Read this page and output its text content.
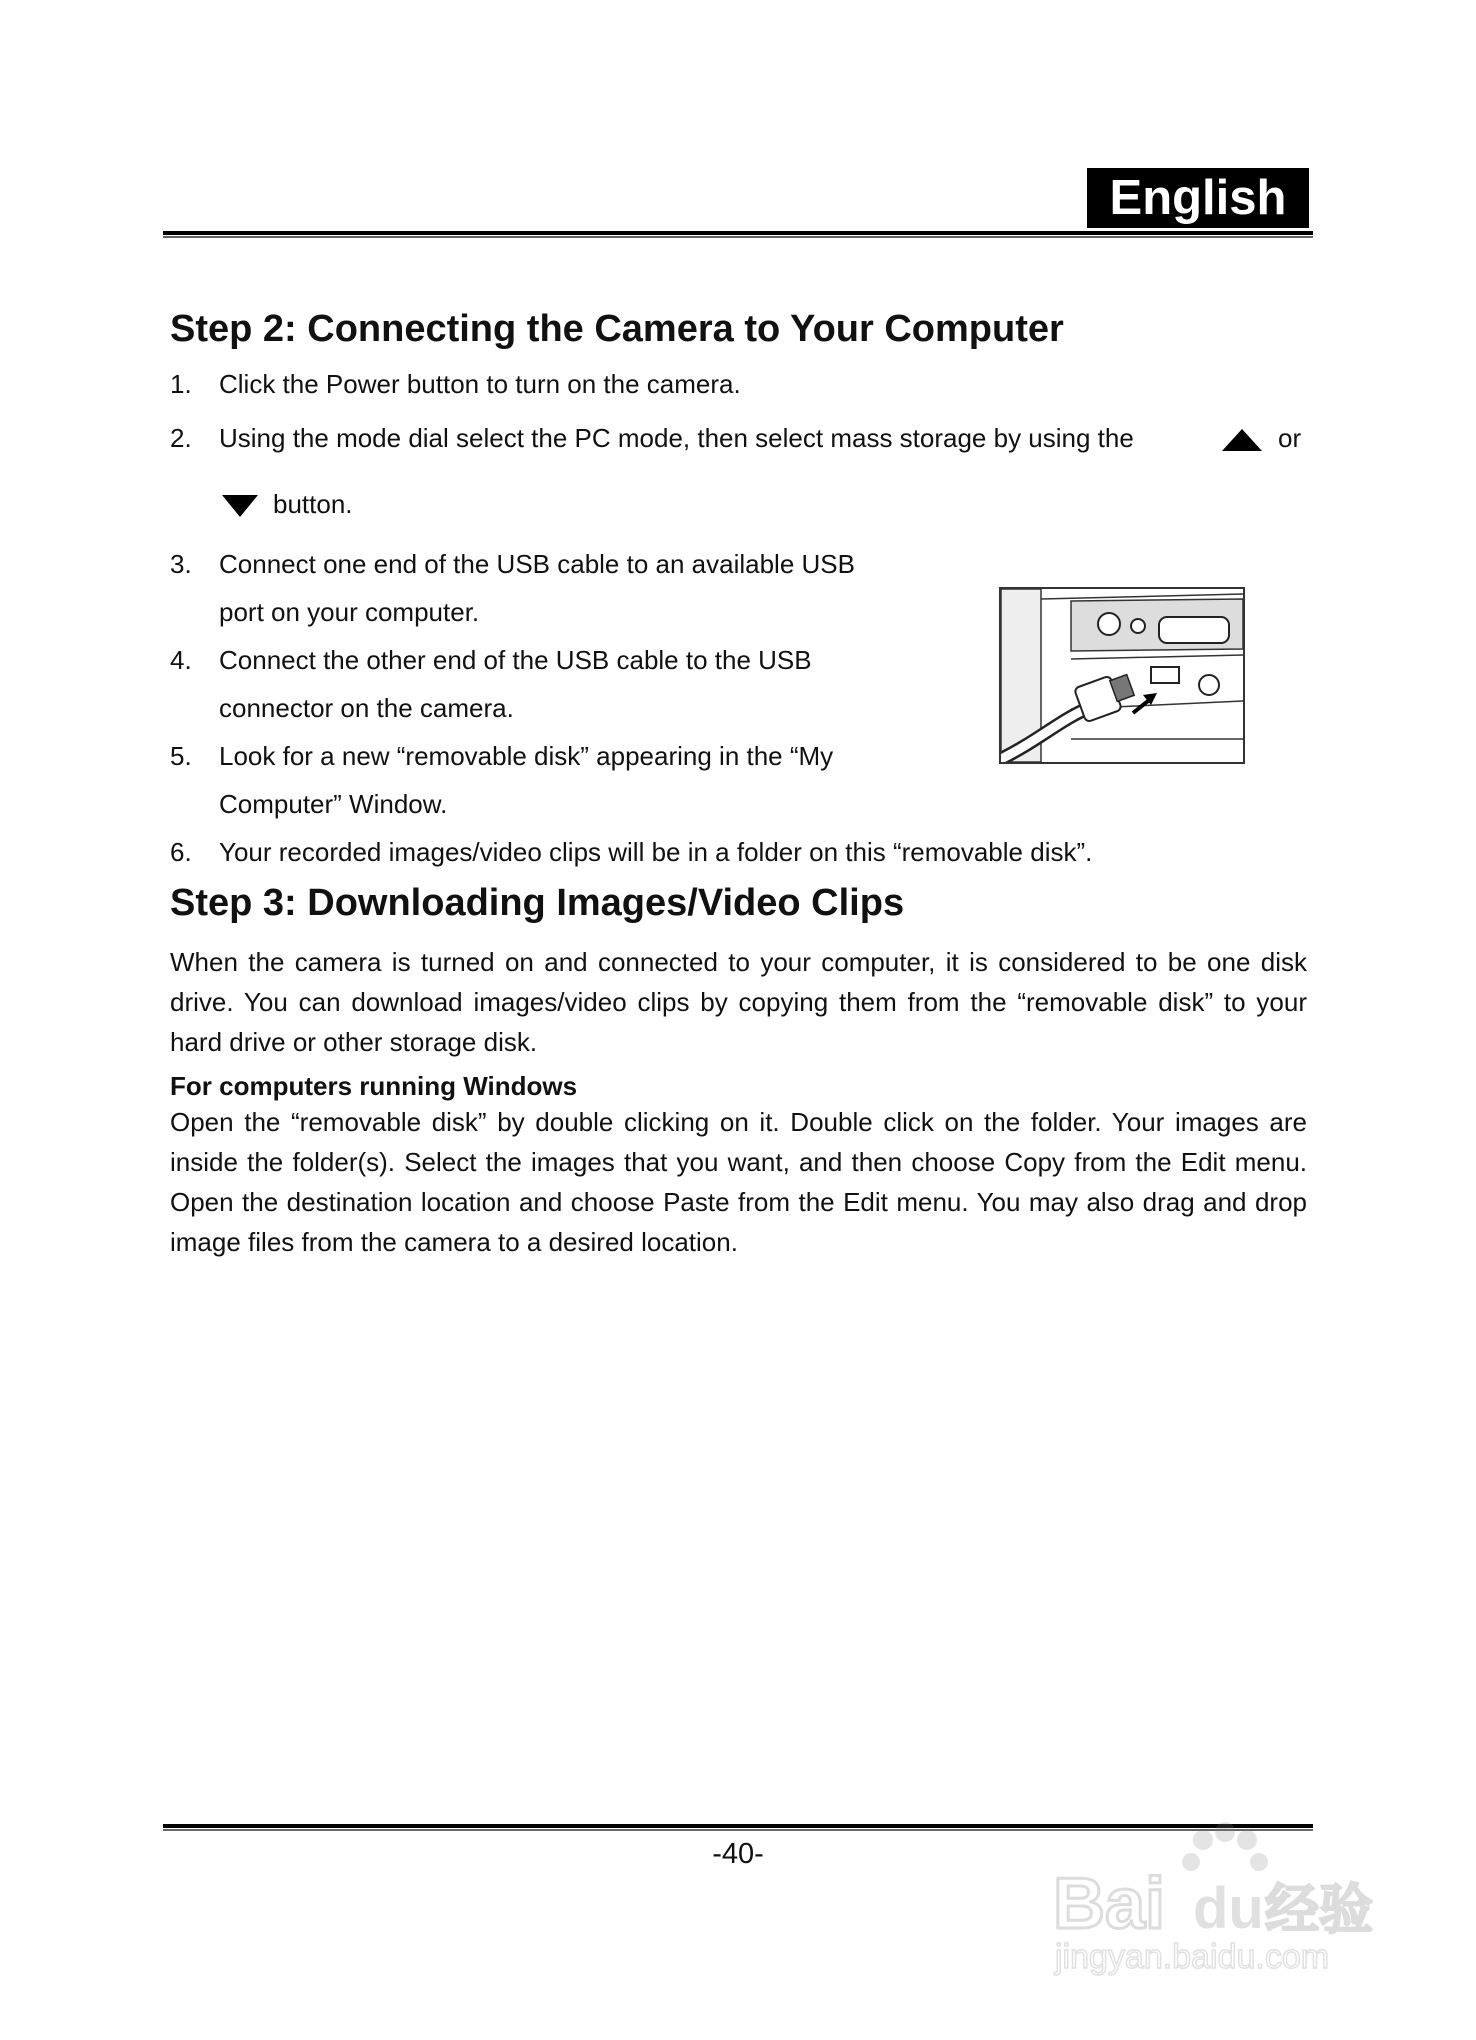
English
Step 2: Connecting the Camera to Your Computer
1. Click the Power button to turn on the camera.
2. Using the mode dial select the PC mode, then select mass storage by using the	or
button.
3. Connect one end of the USB cable to an available USB
port on your computer.
4. Connect the other end of the USB cable to the USB
connector on the camera.
5. Look for a new “removable disk” appearing in the “My
Computer” Window.
6. Your recorded images/video clips will be in a folder on this “removable disk”.
Step 3: Downloading Images/Video Clips

When the camera is turned on and connected to your computer, it is considered to be one disk drive. You can download images/video clips by copying them from the “removable disk” to your hard drive or other storage disk.

For computers running Windows

Open the “removable disk” by double clicking on it. Double click on the folder. Your images are inside the folder(s). Select the images that you want, and then choose Copy from the Edit menu. Open the destination location and choose Paste from the Edit menu. You may also drag and drop image files from the camera to a desired location.

-40-
Bai du 经验
jingyan.baidu.com
